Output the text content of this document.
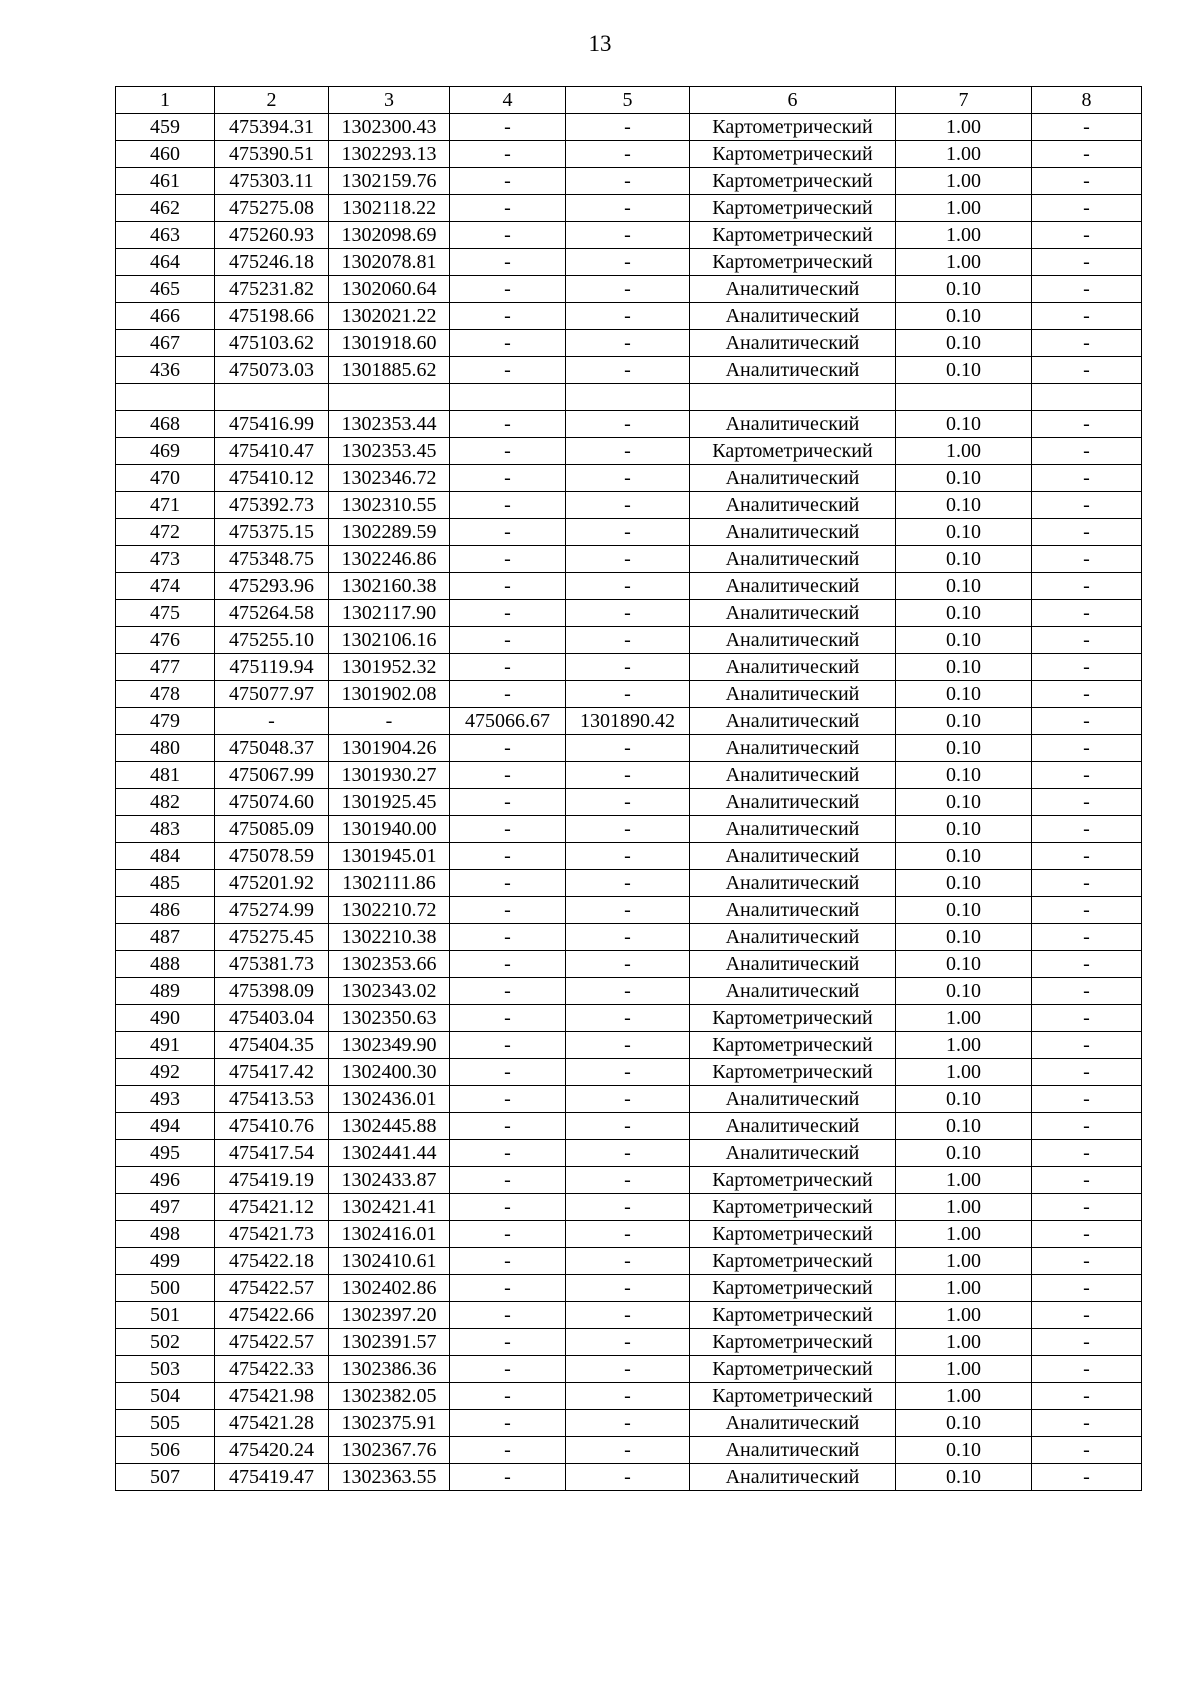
13
1	2	3	4	5	6	7	8
459	475394.31	1302300.43	-	-	Картометрический	1.00	-
460	475390.51	1302293.13	-	-	Картометрический	1.00	-
461	475303.11	1302159.76	-	-	Картометрический	1.00	-
462	475275.08	1302118.22	-	-	Картометрический	1.00	-
463	475260.93	1302098.69	-	-	Картометрический	1.00	-
464	475246.18	1302078.81	-	-	Картометрический	1.00	-
465	475231.82	1302060.64	-	-	Аналитический	0.10	-
466	475198.66	1302021.22	-	-	Аналитический	0.10	-
467	475103.62	1301918.60	-	-	Аналитический	0.10	-
436	475073.03	1301885.62	-	-	Аналитический	0.10	-

468	475416.99	1302353.44	-	-	Аналитический	0.10	-
469	475410.47	1302353.45	-	-	Картометрический	1.00	-
470	475410.12	1302346.72	-	-	Аналитический	0.10	-
471	475392.73	1302310.55	-	-	Аналитический	0.10	-
472	475375.15	1302289.59	-	-	Аналитический	0.10	-
473	475348.75	1302246.86	-	-	Аналитический	0.10	-
474	475293.96	1302160.38	-	-	Аналитический	0.10	-
475	475264.58	1302117.90	-	-	Аналитический	0.10	-
476	475255.10	1302106.16	-	-	Аналитический	0.10	-
477	475119.94	1301952.32	-	-	Аналитический	0.10	-
478	475077.97	1301902.08	-	-	Аналитический	0.10	-
479	-	-	475066.67	1301890.42	Аналитический	0.10	-
480	475048.37	1301904.26	-	-	Аналитический	0.10	-
481	475067.99	1301930.27	-	-	Аналитический	0.10	-
482	475074.60	1301925.45	-	-	Аналитический	0.10	-
483	475085.09	1301940.00	-	-	Аналитический	0.10	-
484	475078.59	1301945.01	-	-	Аналитический	0.10	-
485	475201.92	1302111.86	-	-	Аналитический	0.10	-
486	475274.99	1302210.72	-	-	Аналитический	0.10	-
487	475275.45	1302210.38	-	-	Аналитический	0.10	-
488	475381.73	1302353.66	-	-	Аналитический	0.10	-
489	475398.09	1302343.02	-	-	Аналитический	0.10	-
490	475403.04	1302350.63	-	-	Картометрический	1.00	-
491	475404.35	1302349.90	-	-	Картометрический	1.00	-
492	475417.42	1302400.30	-	-	Картометрический	1.00	-
493	475413.53	1302436.01	-	-	Аналитический	0.10	-
494	475410.76	1302445.88	-	-	Аналитический	0.10	-
495	475417.54	1302441.44	-	-	Аналитический	0.10	-
496	475419.19	1302433.87	-	-	Картометрический	1.00	-
497	475421.12	1302421.41	-	-	Картометрический	1.00	-
498	475421.73	1302416.01	-	-	Картометрический	1.00	-
499	475422.18	1302410.61	-	-	Картометрический	1.00	-
500	475422.57	1302402.86	-	-	Картометрический	1.00	-
501	475422.66	1302397.20	-	-	Картометрический	1.00	-
502	475422.57	1302391.57	-	-	Картометрический	1.00	-
503	475422.33	1302386.36	-	-	Картометрический	1.00	-
504	475421.98	1302382.05	-	-	Картометрический	1.00	-
505	475421.28	1302375.91	-	-	Аналитический	0.10	-
506	475420.24	1302367.76	-	-	Аналитический	0.10	-
507	475419.47	1302363.55	-	-	Аналитический	0.10	-
